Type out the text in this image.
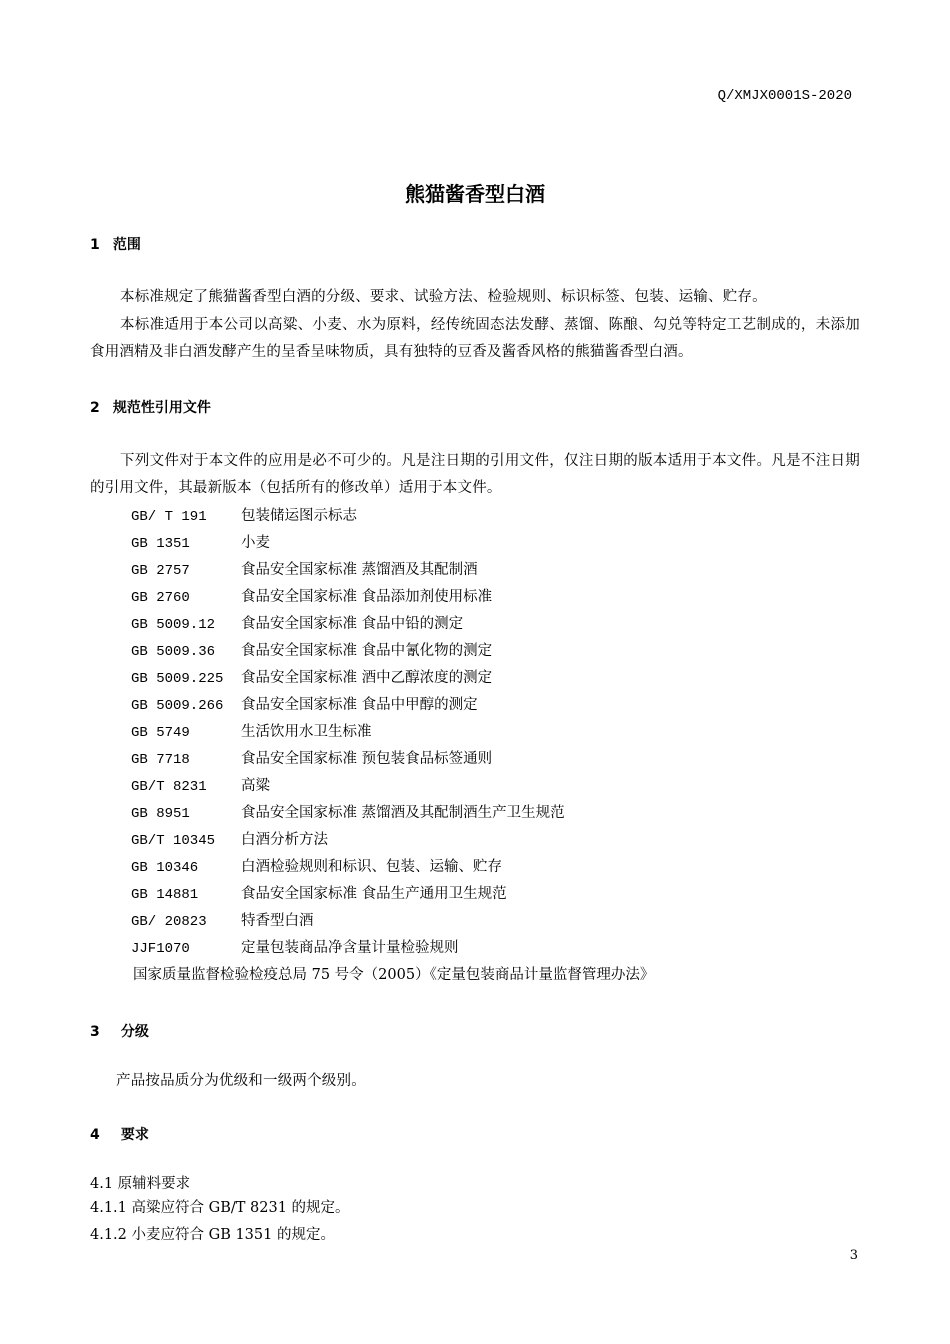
Q/XMJX0001S-2020
熊猫酱香型白酒
1 范围
本标准规定了熊猫酱香型白酒的分级、要求、试验方法、检验规则、标识标签、包装、运输、贮存。
本标准适用于本公司以高粱、小麦、水为原料，经传统固态法发酵、蒸馏、陈酿、勾兑等特定工艺制成的，未添加食用酒精及非白酒发酵产生的呈香呈味物质，具有独特的豆香及酱香风格的熊猫酱香型白酒。
2 规范性引用文件
下列文件对于本文件的应用是必不可少的。凡是注日期的引用文件，仅注日期的版本适用于本文件。凡是不注日期的引用文件，其最新版本（包括所有的修改单）适用于本文件。
GB/ T 191 包装储运图示标志
GB 1351	小麦
GB 2757	食品安全国家标准 蒸馏酒及其配制酒
GB 2760	食品安全国家标准 食品添加剂使用标准
GB 5009.12 食品安全国家标准 食品中铅的测定
GB 5009.36 食品安全国家标准 食品中氰化物的测定
GB 5009.225 食品安全国家标准 酒中乙醇浓度的测定
GB 5009.266 食品安全国家标准 食品中甲醇的测定
GB 5749	生活饮用水卫生标准
GB 7718	食品安全国家标准 预包装食品标签通则
GB/T 8231 高粱
GB 8951	食品安全国家标准 蒸馏酒及其配制酒生产卫生规范
GB/T 10345 白酒分析方法
GB 10346	白酒检验规则和标识、包装、运输、贮存
GB 14881	食品安全国家标准 食品生产通用卫生规范
GB/ 20823 特香型白酒
JJF1070	定量包装商品净含量计量检验规则
国家质量监督检验检疫总局 75 号令（2005）《定量包装商品计量监督管理办法》
3 分级
产品按品质分为优级和一级两个级别。
4 要求
4.1 原辅料要求
4.1.1 高粱应符合 GB/T 8231 的规定。
4.1.2 小麦应符合 GB 1351 的规定。
3
